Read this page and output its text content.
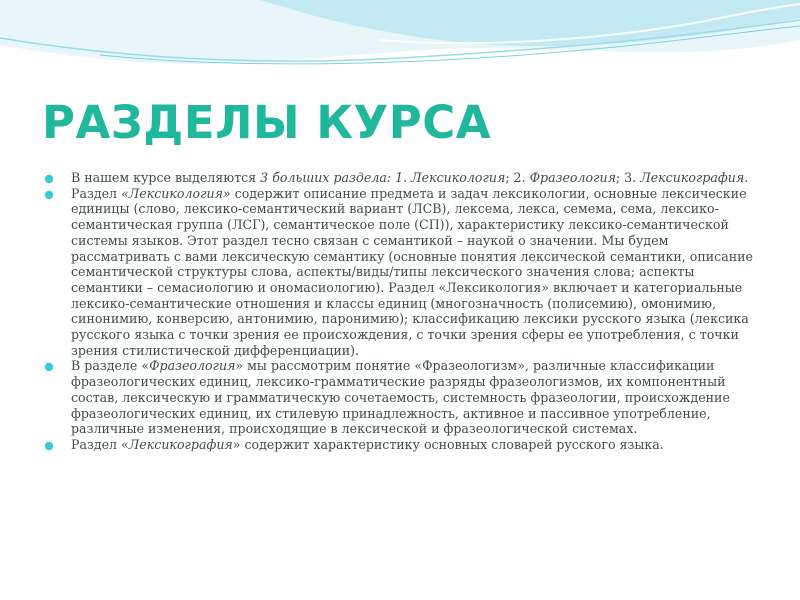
РАЗДЕЛЫ КУРСА
В нашем курсе выделяются 3 больших раздела: 1. Лексикология; 2. Фразеология; 3. Лексикография.
Раздел «Лексикология» содержит описание предмета и задач лексикологии, основные лексические единицы (слово, лексико-семантический вариант (ЛСВ), лексема, лекса, семема, сема, лексико-семантическая группа (ЛСГ), семантическое поле (СП)), характеристику лексико-семантической системы языков. Этот раздел тесно связан с семантикой – наукой о значении. Мы будем рассматривать с вами лексическую семантику (основные понятия лексической семантики, описание семантической структуры слова, аспекты/виды/типы лексического значения слова; аспекты семантики – семасиологию и ономасиологию). Раздел «Лексикология» включает и категориальные лексико-семантические отношения и классы единиц (многозначность (полисемию), омонимию, синонимию, конверсию, антонимию, паронимию); классификацию лексики русского языка (лексика русского языка с точки зрения ее происхождения, с точки зрения сферы ее употребления, с точки зрения стилистической дифференциации).
В разделе «Фразеология» мы рассмотрим понятие «Фразеологизм», различные классификации фразеологических единиц, лексико-грамматические разряды фразеологизмов, их компонентный состав, лексическую и грамматическую сочетаемость, системность фразеологии, происхождение фразеологических единиц, их стилевую принадлежность, активное и пассивное употребление, различные изменения, происходящие в лексической и фразеологической системах.
Раздел «Лексикография» содержит характеристику основных словарей русского языка.
